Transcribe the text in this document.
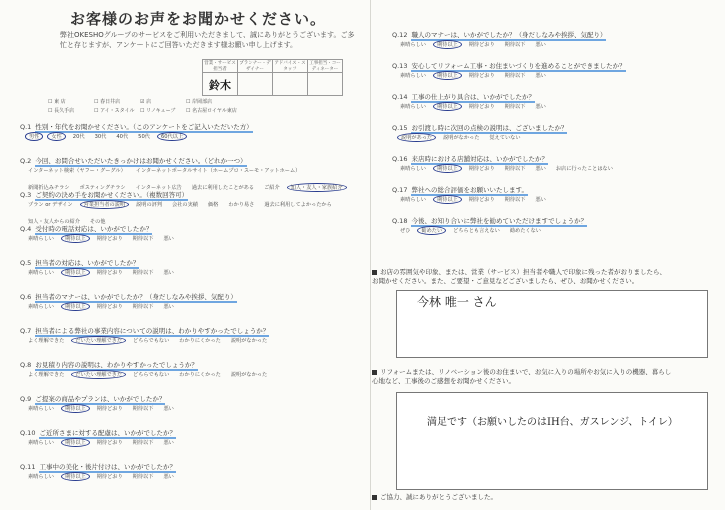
お客様のお声をお聞かせください。
弊社OKESHOグループのサービスをご利用いただきまして、誠にありがとうございます。ご多忙と存じますが、アンケートにご回答いただきます様お願い申し上げます。
営業・サービス担当者	プランナー・デザイナー	アドバイス・スタッフ	工事担当・コーディネーター

鈴木			

☐ 東 店	☐ 春日井店	☑ 店	☐ 岸岡部店
☐ 長久手店	☐ アイ・スタイル ☐ リノキューブ	☐ 名古屋ロイヤル東店
Q.1 性別・年代をお聞かせください。（このアンケートをご記入いただいた方）
男性	女性	20代 30代 40代 50代	60代以上
Q.2 今回、お問合せいただいたきっかけはお聞かせください。（どれか一つ）
インターネット検索（ヤフー・グーグル） インターネットポータルサイト（ホームプロ・スーモ・アットホーム）
新聞折込みチラシ ポスティングチラシ インターネット広告 過去に利用したことがある ご紹介	知人・友人・家族紹介
Q.3 ご契約の決め手をお聞かせください。（複数回答可）
プラン or デザイン	営業担当者の説明	説明の評判 会社の実績 価格 わかり易さ 過去に利用してよかったから
知人・友人からの紹介 その他
Q.4 受付時の電話対応は、いかがでしたか？
素晴らしい	期待以上	期待どおり 期待以下 悪い
Q.5 担当者の対応は、いかがでしたか？
素晴らしい	期待以上	期待どおり 期待以下 悪い
Q.6 担当者のマナーは、いかがでしたか？（身だしなみや挨拶、気配り）
素晴らしい	期待以上	期待どおり 期待以下 悪い
Q.7 担当者による弊社の事業内容についての説明は、わかりやすかったでしょうか？
よく理解できた	だいたい理解できた	どちらでもない わかりにくかった 説明がなかった
Q.8 お見積り内容の説明は、わかりやすかったでしょうか？
よく理解できた	だいたい理解できた	どちらでもない わかりにくかった 説明がなかった
Q.9 ご提案の商品やプランは、いかがでしたか？
素晴らしい	期待以上	期待どおり 期待以下 悪い
Q.10 ご近所さまに対する配慮は、いかがでしたか？
素晴らしい	期待以上	期待どおり 期待以下 悪い
Q.11 工事中の美化・後片付けは、いかがでしたか？
素晴らしい	期待以上	期待どおり 期待以下 悪い
Q.12 職人のマナーは、いかがでしたか？（身だしなみや挨拶、気配り）
素晴らしい	期待以上	期待どおり 期待以下 悪い
Q.13 安心してリフォーム工事・お住まいづくりを進めることができましたか？
素晴らしい	期待以上	期待どおり 期待以下 悪い
Q.14 工事の仕上がり具合は、いかがでしたか？
素晴らしい	期待以上	期待どおり 期待以下 悪い
Q.15 お引渡し時に次回の点検の説明は、ございましたか？
説明があった	説明がなかった 覚えていない
Q.16 来店時における店舗対応は、いかがでしたか？
素晴らしい	期待以上	期待どおり 期待以下 悪い お店に行ったことはない
Q.17 弊社への総合評価をお願いいたします。
素晴らしい	期待以上	期待どおり 期待以下 悪い
Q.18 今後、お知り合いに弊社を勧めていただけますでしょうか？
ぜひ	勧めたい	どちらとも言えない 勧めたくない
お店の雰囲気や印象、または、営業（サービス）担当者や職人で印象に残った者がおりましたら、お聞かせください。また、ご要望・ご意見などございましたら、ぜひ、お聞かせください。
今林 唯一 さん
リフォームまたは、リノベーション後のお住まいで、お気に入りの場所やお気に入りの機器、暮らし心地など、工事後のご感想をお聞かせください。
満足です（お願いしたのはIH台、ガスレンジ、トイレ）
ご協力、誠にありがとうございました。
